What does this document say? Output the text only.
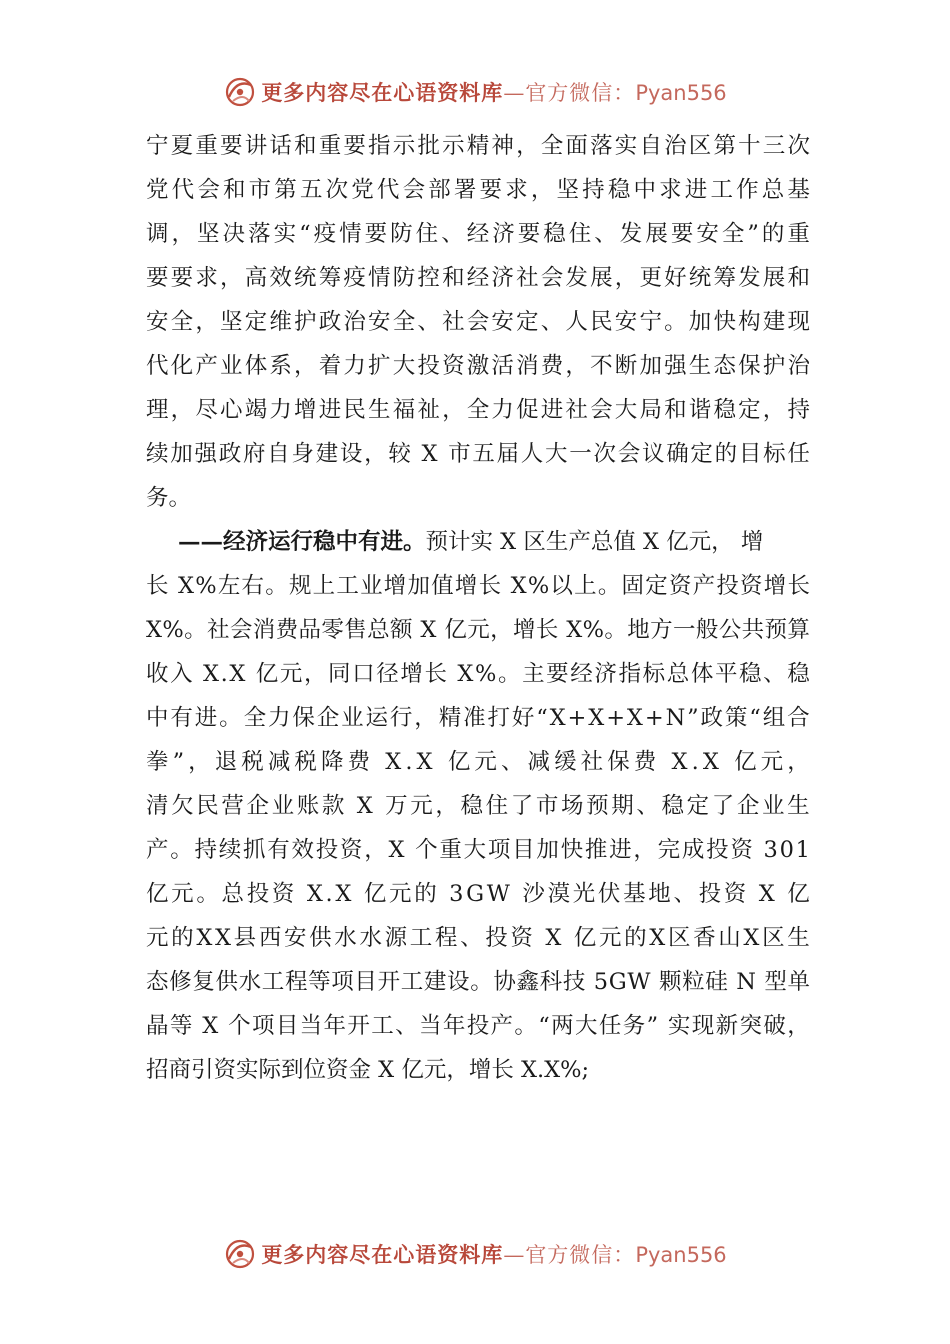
更多内容尽在心语资料库—官方微信：Pyan556
宁 夏 重 要 讲 话 和 重 要 指 示 批 示 精 神 ， 全 面 落 实 自 治 区 第 十 三 次
党 代 会 和 市 第 五 次 党 代 会 部 署 要 求 ， 坚 持 稳 中 求 进 工 作 总 基
调 ， 坚 决 落 实 “ 疫 情 要 防 住 、 经 济 要 稳 住 、 发 展 要 安 全 ” 的 重
要 要 求 ， 高 效 统 筹 疫 情 防 控 和 经 济 社 会 发 展 ， 更 好 统 筹 发 展 和
安 全 ， 坚 定 维 护 政 治 安 全 、 社 会 安 定 、 人 民 安 宁 。 加 快 构 建 现
代 化 产 业 体 系 ， 着 力 扩 大 投 资 激 活 消 费 ， 不 断 加 强 生 态 保 护 治
理 ， 尽 心 竭 力 增 进 民 生 福 祉 ， 全 力 促 进 社 会 大 局 和 谐 稳 定 ， 持
续 加 强 政 府 自 身 建 设 ， 较
X
市 五 届 人 大 一 次 会 议 确 定 的 目 标 任
务。
——经济运行稳中有进。预计实 X 区生产总值 X 亿元， 增
长
X % 左 右 。 规 上 工 业 增 加 值 增 长
X % 以 上 。 固 定 资 产 投 资 增 长
X % 。 社 会 消 费 品 零 售 总 额
X
亿 元 ， 增 长
X % 。 地 方 一 般 公 共 预 算
收 入
X . X
亿 元 ， 同 口 径 增 长
X % 。 主 要 经 济 指 标 总 体 平 稳 、 稳
中 有 进 。 全 力 保 企 业 运 行 ， 精 准 打 好 “ X + X + X + N ” 政 策 “ 组 合
拳 ” ， 退 税 减 税 降 费
X . X
亿 元 、 减 缓 社 保 费
X . X
亿 元 ，
清 欠 民 营 企 业 账 款
X
万 元 ， 稳 住 了 市 场 预 期 、 稳 定 了 企 业 生
产 。 持 续 抓 有 效 投 资 ， X
个 重 大 项 目 加 快 推 进 ， 完 成 投 资
3 0 1
亿 元 。 总 投 资
X . X
亿 元 的
3 G W
沙 漠 光 伏 基 地 、 投 资
X
亿
元 的 X X 县 西 安 供 水 水 源 工 程 、 投 资
X
亿 元 的 X 区 香 山 X 区 生
态 修 复 供 水 工 程 等 项 目 开 工 建 设 。 协 鑫 科 技
5 G W
颗 粒 硅
N
型 单
晶 等
X
个 项 目 当 年 开 工 、 当 年 投 产 。 “ 两 大 任 务 ”
实 现 新 突 破 ，
招商引资实际到位资金 X 亿元，增长 X.X%;
更多内容尽在心语资料库—官方微信：Pyan556
